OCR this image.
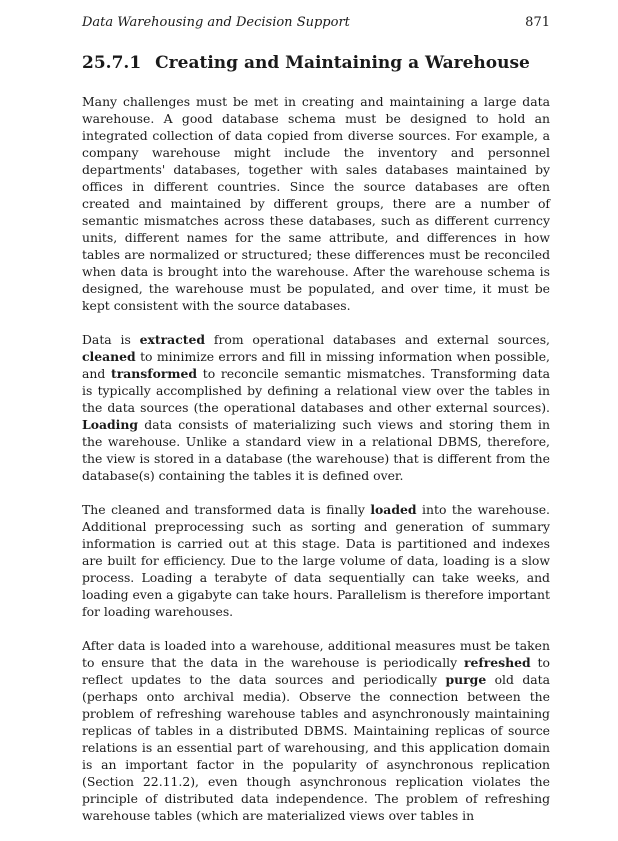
Data Warehousing and Decision Support	871
25.7.1 Creating and Maintaining a Warehouse

Many challenges must be met in creating and maintaining a large data warehouse. A good database schema must be designed to hold an integrated collection of data copied from diverse sources. For example, a company warehouse might include the inventory and personnel departments' databases, together with sales databases maintained by offices in different countries. Since the source databases are often created and maintained by different groups, there are a number of semantic mismatches across these databases, such as different currency units, different names for the same attribute, and differences in how tables are normalized or structured; these differences must be reconciled when data is brought into the warehouse. After the warehouse schema is designed, the warehouse must be populated, and over time, it must be kept consistent with the source databases.

Data is extracted from operational databases and external sources, cleaned to minimize errors and fill in missing information when possible, and transformed to reconcile semantic mismatches. Transforming data is typically accomplished by defining a relational view over the tables in the data sources (the operational databases and other external sources). Loading data consists of materializing such views and storing them in the warehouse. Unlike a standard view in a relational DBMS, therefore, the view is stored in a database (the warehouse) that is different from the database(s) containing the tables it is defined over.

The cleaned and transformed data is finally loaded into the warehouse. Additional preprocessing such as sorting and generation of summary information is carried out at this stage. Data is partitioned and indexes are built for efficiency. Due to the large volume of data, loading is a slow process. Loading a terabyte of data sequentially can take weeks, and loading even a gigabyte can take hours. Parallelism is therefore important for loading warehouses.

After data is loaded into a warehouse, additional measures must be taken to ensure that the data in the warehouse is periodically refreshed to reflect updates to the data sources and periodically purge old data (perhaps onto archival media). Observe the connection between the problem of refreshing warehouse tables and asynchronously maintaining replicas of tables in a distributed DBMS. Maintaining replicas of source relations is an essential part of warehousing, and this application domain is an important factor in the popularity of asynchronous replication (Section 22.11.2), even though asynchronous replication violates the principle of distributed data independence. The problem of refreshing warehouse tables (which are materialized views over tables in
